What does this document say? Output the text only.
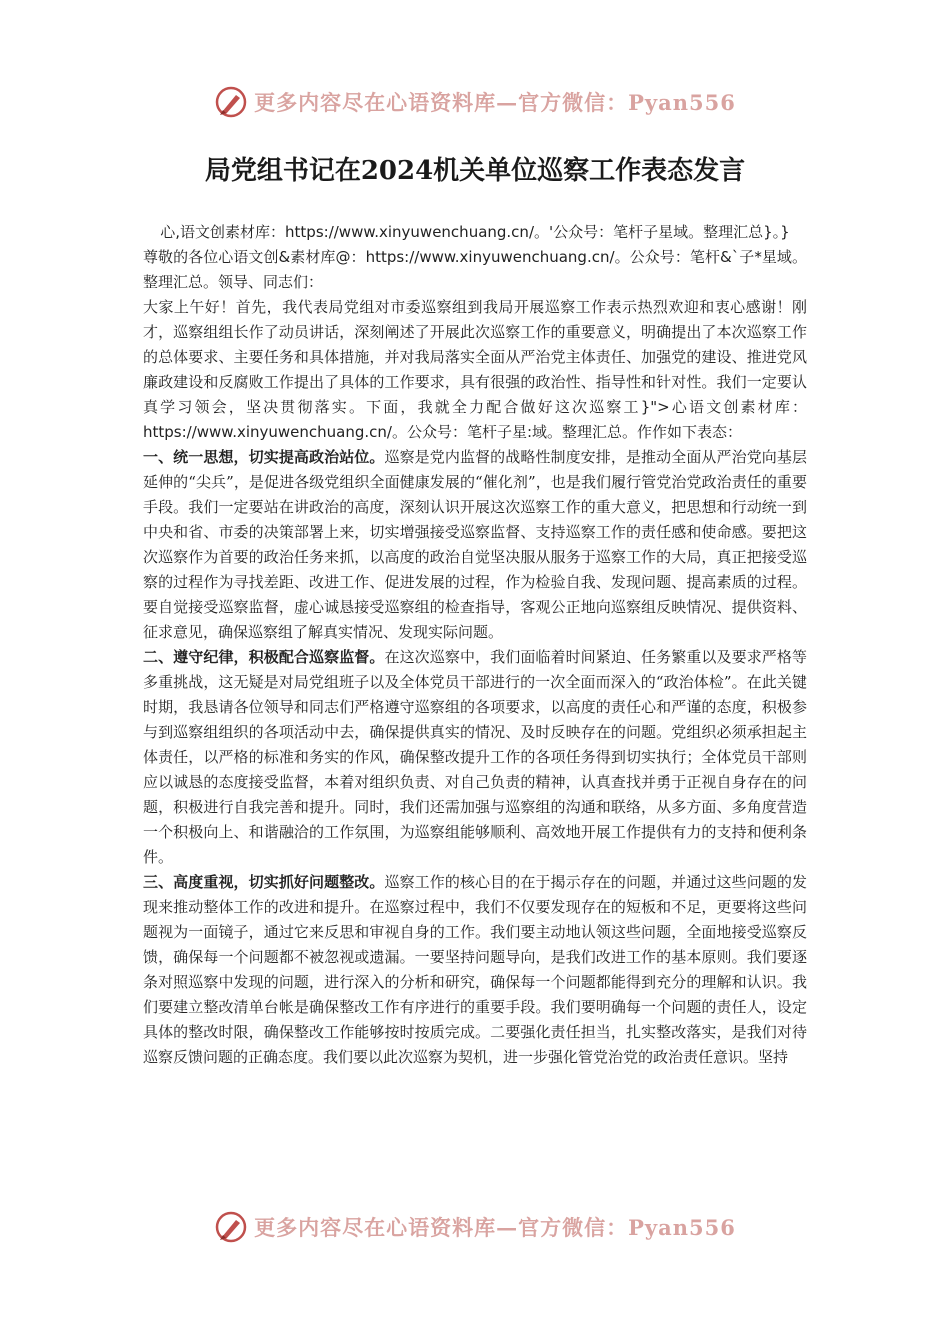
更多内容尽在心语资料库—官方微信：Pyan556
局党组书记在2024机关单位巡察工作表态发言

心,语文创素材库：https://www.xinyuwenchuang.cn/。'公众号：笔杆子星域。整理汇总}。}

尊敬的各位心语文创&素材库@：https://www.xinyuwenchuang.cn/。公众号：笔杆&`子*星域。整理汇总。领导、同志们：

大家上午好！首先，我代表局党组对市委巡察组到我局开展巡察工作表示热烈欢迎和衷心感谢！刚才，巡察组组长作了动员讲话，深刻阐述了开展此次巡察工作的重要意义，明确提出了本次巡察工作的总体要求、主要任务和具体措施，并对我局落实全面从严治党主体责任、加强党的建设、推进党风廉政建设和反腐败工作提出了具体的工作要求，具有很强的政治性、指导性和针对性。我们一定要认真学习领会，坚决贯彻落实。下面，我就全力配合做好这次巡察工}">心语文创素材库：https://www.xinyuwenchuang.cn/。公众号：笔杆子星:域。整理汇总。作作如下表态：

一、统一思想，切实提高政治站位。巡察是党内监督的战略性制度安排，是推动全面从严治党向基层延伸的“尖兵”，是促进各级党组织全面健康发展的“催化剂”，也是我们履行管党治党政治责任的重要手段。我们一定要站在讲政治的高度，深刻认识开展这次巡察工作的重大意义，把思想和行动统一到中央和省、市委的决策部署上来，切实增强接受巡察监督、支持巡察工作的责任感和使命感。要把这次巡察作为首要的政治任务来抓，以高度的政治自觉坚决服从服务于巡察工作的大局，真正把接受巡察的过程作为寻找差距、改进工作、促进发展的过程，作为检验自我、发现问题、提高素质的过程。要自觉接受巡察监督，虚心诚恳接受巡察组的检查指导，客观公正地向巡察组反映情况、提供资料、征求意见，确保巡察组了解真实情况、发现实际问题。

二、遵守纪律，积极配合巡察监督。在这次巡察中，我们面临着时间紧迫、任务繁重以及要求严格等多重挑战，这无疑是对局党组班子以及全体党员干部进行的一次全面而深入的“政治体检”。在此关键时期，我恳请各位领导和同志们严格遵守巡察组的各项要求，以高度的责任心和严谨的态度，积极参与到巡察组组织的各项活动中去，确保提供真实的情况、及时反映存在的问题。党组织必须承担起主体责任，以严格的标准和务实的作风，确保整改提升工作的各项任务得到切实执行；全体党员干部则应以诚恳的态度接受监督，本着对组织负责、对自己负责的精神，认真查找并勇于正视自身存在的问题，积极进行自我完善和提升。同时，我们还需加强与巡察组的沟通和联络，从多方面、多角度营造一个积极向上、和谐融洽的工作氛围，为巡察组能够顺利、高效地开展工作提供有力的支持和便利条件。

三、高度重视，切实抓好问题整改。巡察工作的核心目的在于揭示存在的问题，并通过这些问题的发现来推动整体工作的改进和提升。在巡察过程中，我们不仅要发现存在的短板和不足，更要将这些问题视为一面镜子，通过它来反思和审视自身的工作。我们要主动地认领这些问题，全面地接受巡察反馈，确保每一个问题都不被忽视或遗漏。一要坚持问题导向，是我们改进工作的基本原则。我们要逐条对照巡察中发现的问题，进行深入的分析和研究，确保每一个问题都能得到充分的理解和认识。我们要建立整改清单台帐是确保整改工作有序进行的重要手段。我们要明确每一个问题的责任人，设定具体的整改时限，确保整改工作能够按时按质完成。二要强化责任担当，扎实整改落实，是我们对待巡察反馈问题的正确态度。我们要以此次巡察为契机，进一步强化管党治党的政治责任意识。坚持

更多内容尽在心语资料库—官方微信：Pyan556
